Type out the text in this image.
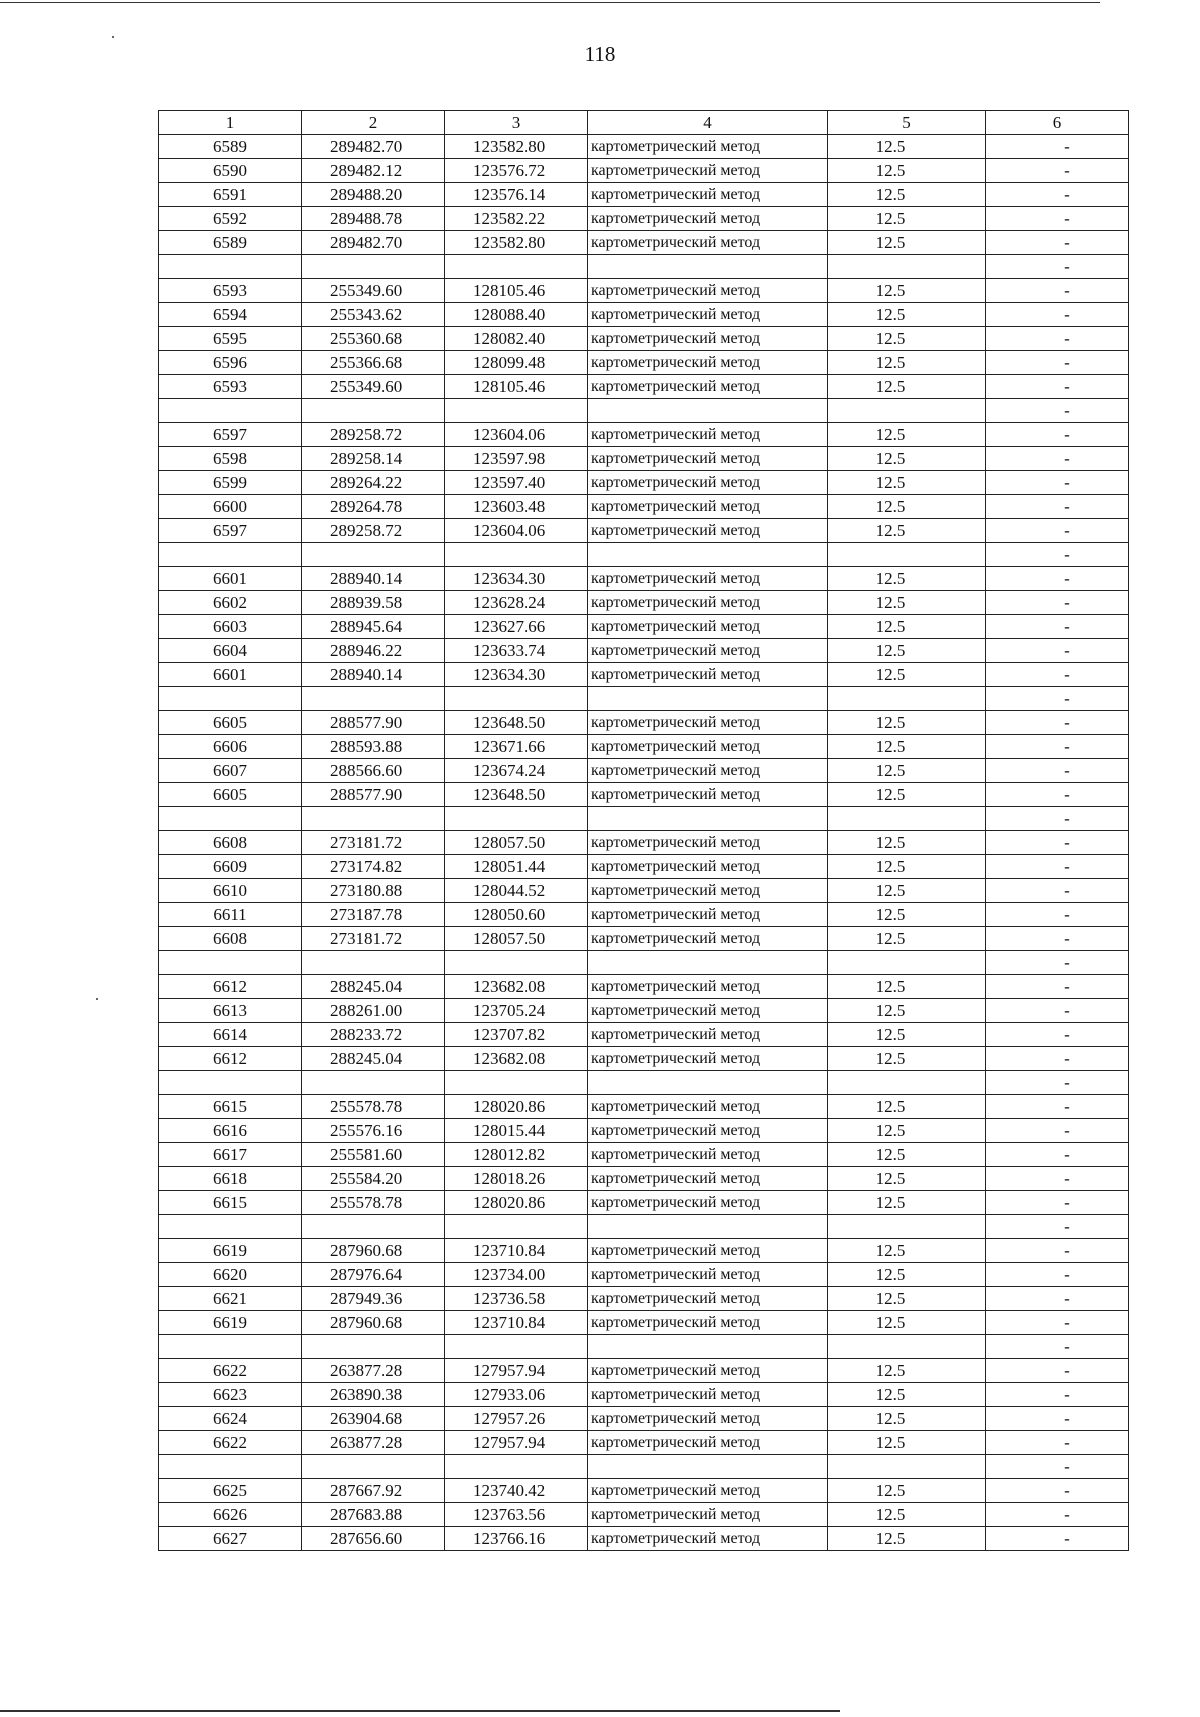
118
1	2	3	4	5	6
6589	289482.70	123582.80	картометрический метод	12.5	-
6590	289482.12	123576.72	картометрический метод	12.5	-
6591	289488.20	123576.14	картометрический метод	12.5	-
6592	289488.78	123582.22	картометрический метод	12.5	-
6589	289482.70	123582.80	картометрический метод	12.5	-
					-
6593	255349.60	128105.46	картометрический метод	12.5	-
6594	255343.62	128088.40	картометрический метод	12.5	-
6595	255360.68	128082.40	картометрический метод	12.5	-
6596	255366.68	128099.48	картометрический метод	12.5	-
6593	255349.60	128105.46	картометрический метод	12.5	-
					-
6597	289258.72	123604.06	картометрический метод	12.5	-
6598	289258.14	123597.98	картометрический метод	12.5	-
6599	289264.22	123597.40	картометрический метод	12.5	-
6600	289264.78	123603.48	картометрический метод	12.5	-
6597	289258.72	123604.06	картометрический метод	12.5	-
					-
6601	288940.14	123634.30	картометрический метод	12.5	-
6602	288939.58	123628.24	картометрический метод	12.5	-
6603	288945.64	123627.66	картометрический метод	12.5	-
6604	288946.22	123633.74	картометрический метод	12.5	-
6601	288940.14	123634.30	картометрический метод	12.5	-
					-
6605	288577.90	123648.50	картометрический метод	12.5	-
6606	288593.88	123671.66	картометрический метод	12.5	-
6607	288566.60	123674.24	картометрический метод	12.5	-
6605	288577.90	123648.50	картометрический метод	12.5	-
					-
6608	273181.72	128057.50	картометрический метод	12.5	-
6609	273174.82	128051.44	картометрический метод	12.5	-
6610	273180.88	128044.52	картометрический метод	12.5	-
6611	273187.78	128050.60	картометрический метод	12.5	-
6608	273181.72	128057.50	картометрический метод	12.5	-
					-
6612	288245.04	123682.08	картометрический метод	12.5	-
6613	288261.00	123705.24	картометрический метод	12.5	-
6614	288233.72	123707.82	картометрический метод	12.5	-
6612	288245.04	123682.08	картометрический метод	12.5	-
					-
6615	255578.78	128020.86	картометрический метод	12.5	-
6616	255576.16	128015.44	картометрический метод	12.5	-
6617	255581.60	128012.82	картометрический метод	12.5	-
6618	255584.20	128018.26	картометрический метод	12.5	-
6615	255578.78	128020.86	картометрический метод	12.5	-
					-
6619	287960.68	123710.84	картометрический метод	12.5	-
6620	287976.64	123734.00	картометрический метод	12.5	-
6621	287949.36	123736.58	картометрический метод	12.5	-
6619	287960.68	123710.84	картометрический метод	12.5	-
					-
6622	263877.28	127957.94	картометрический метод	12.5	-
6623	263890.38	127933.06	картометрический метод	12.5	-
6624	263904.68	127957.26	картометрический метод	12.5	-
6622	263877.28	127957.94	картометрический метод	12.5	-
					-
6625	287667.92	123740.42	картометрический метод	12.5	-
6626	287683.88	123763.56	картометрический метод	12.5	-
6627	287656.60	123766.16	картометрический метод	12.5	-
